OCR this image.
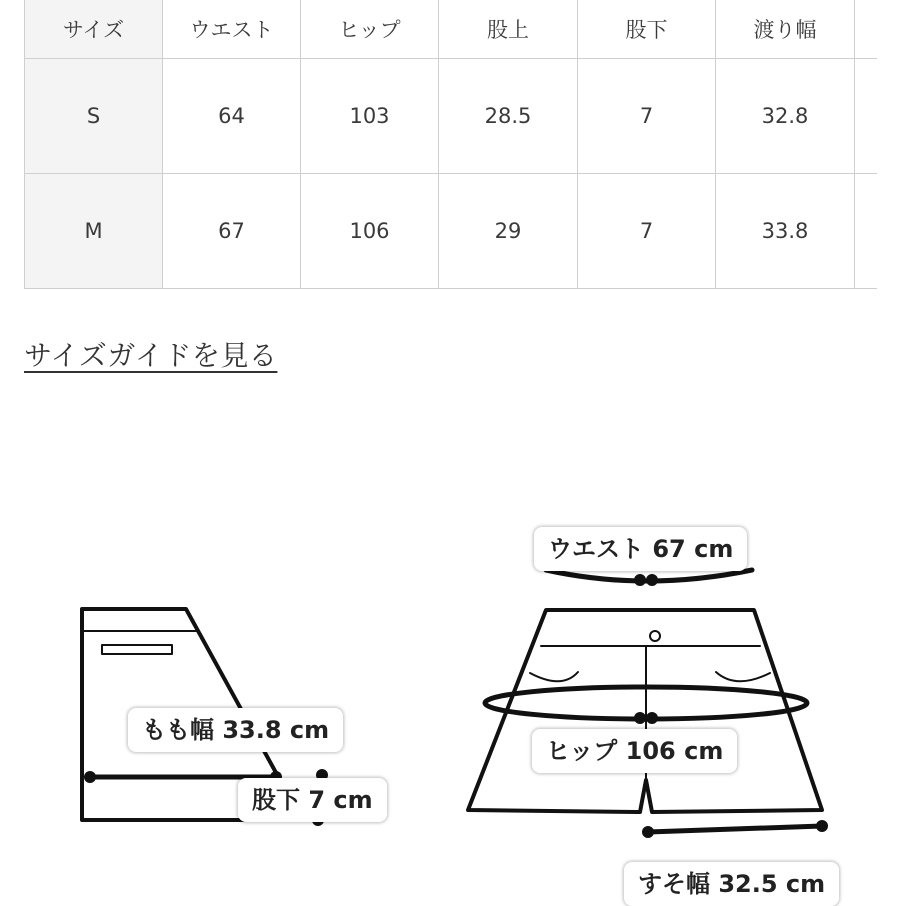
サイズ	ウエスト	ヒップ	股上	股下	渡り幅	
S	64	103	28.5	7	32.8	
M	67	106	29	7	33.8	
サイズガイドを見る
もも幅 33.8 cm
股下 7 cm
ウエスト 67 cm
ヒップ 106 cm
すそ幅 32.5 cm
